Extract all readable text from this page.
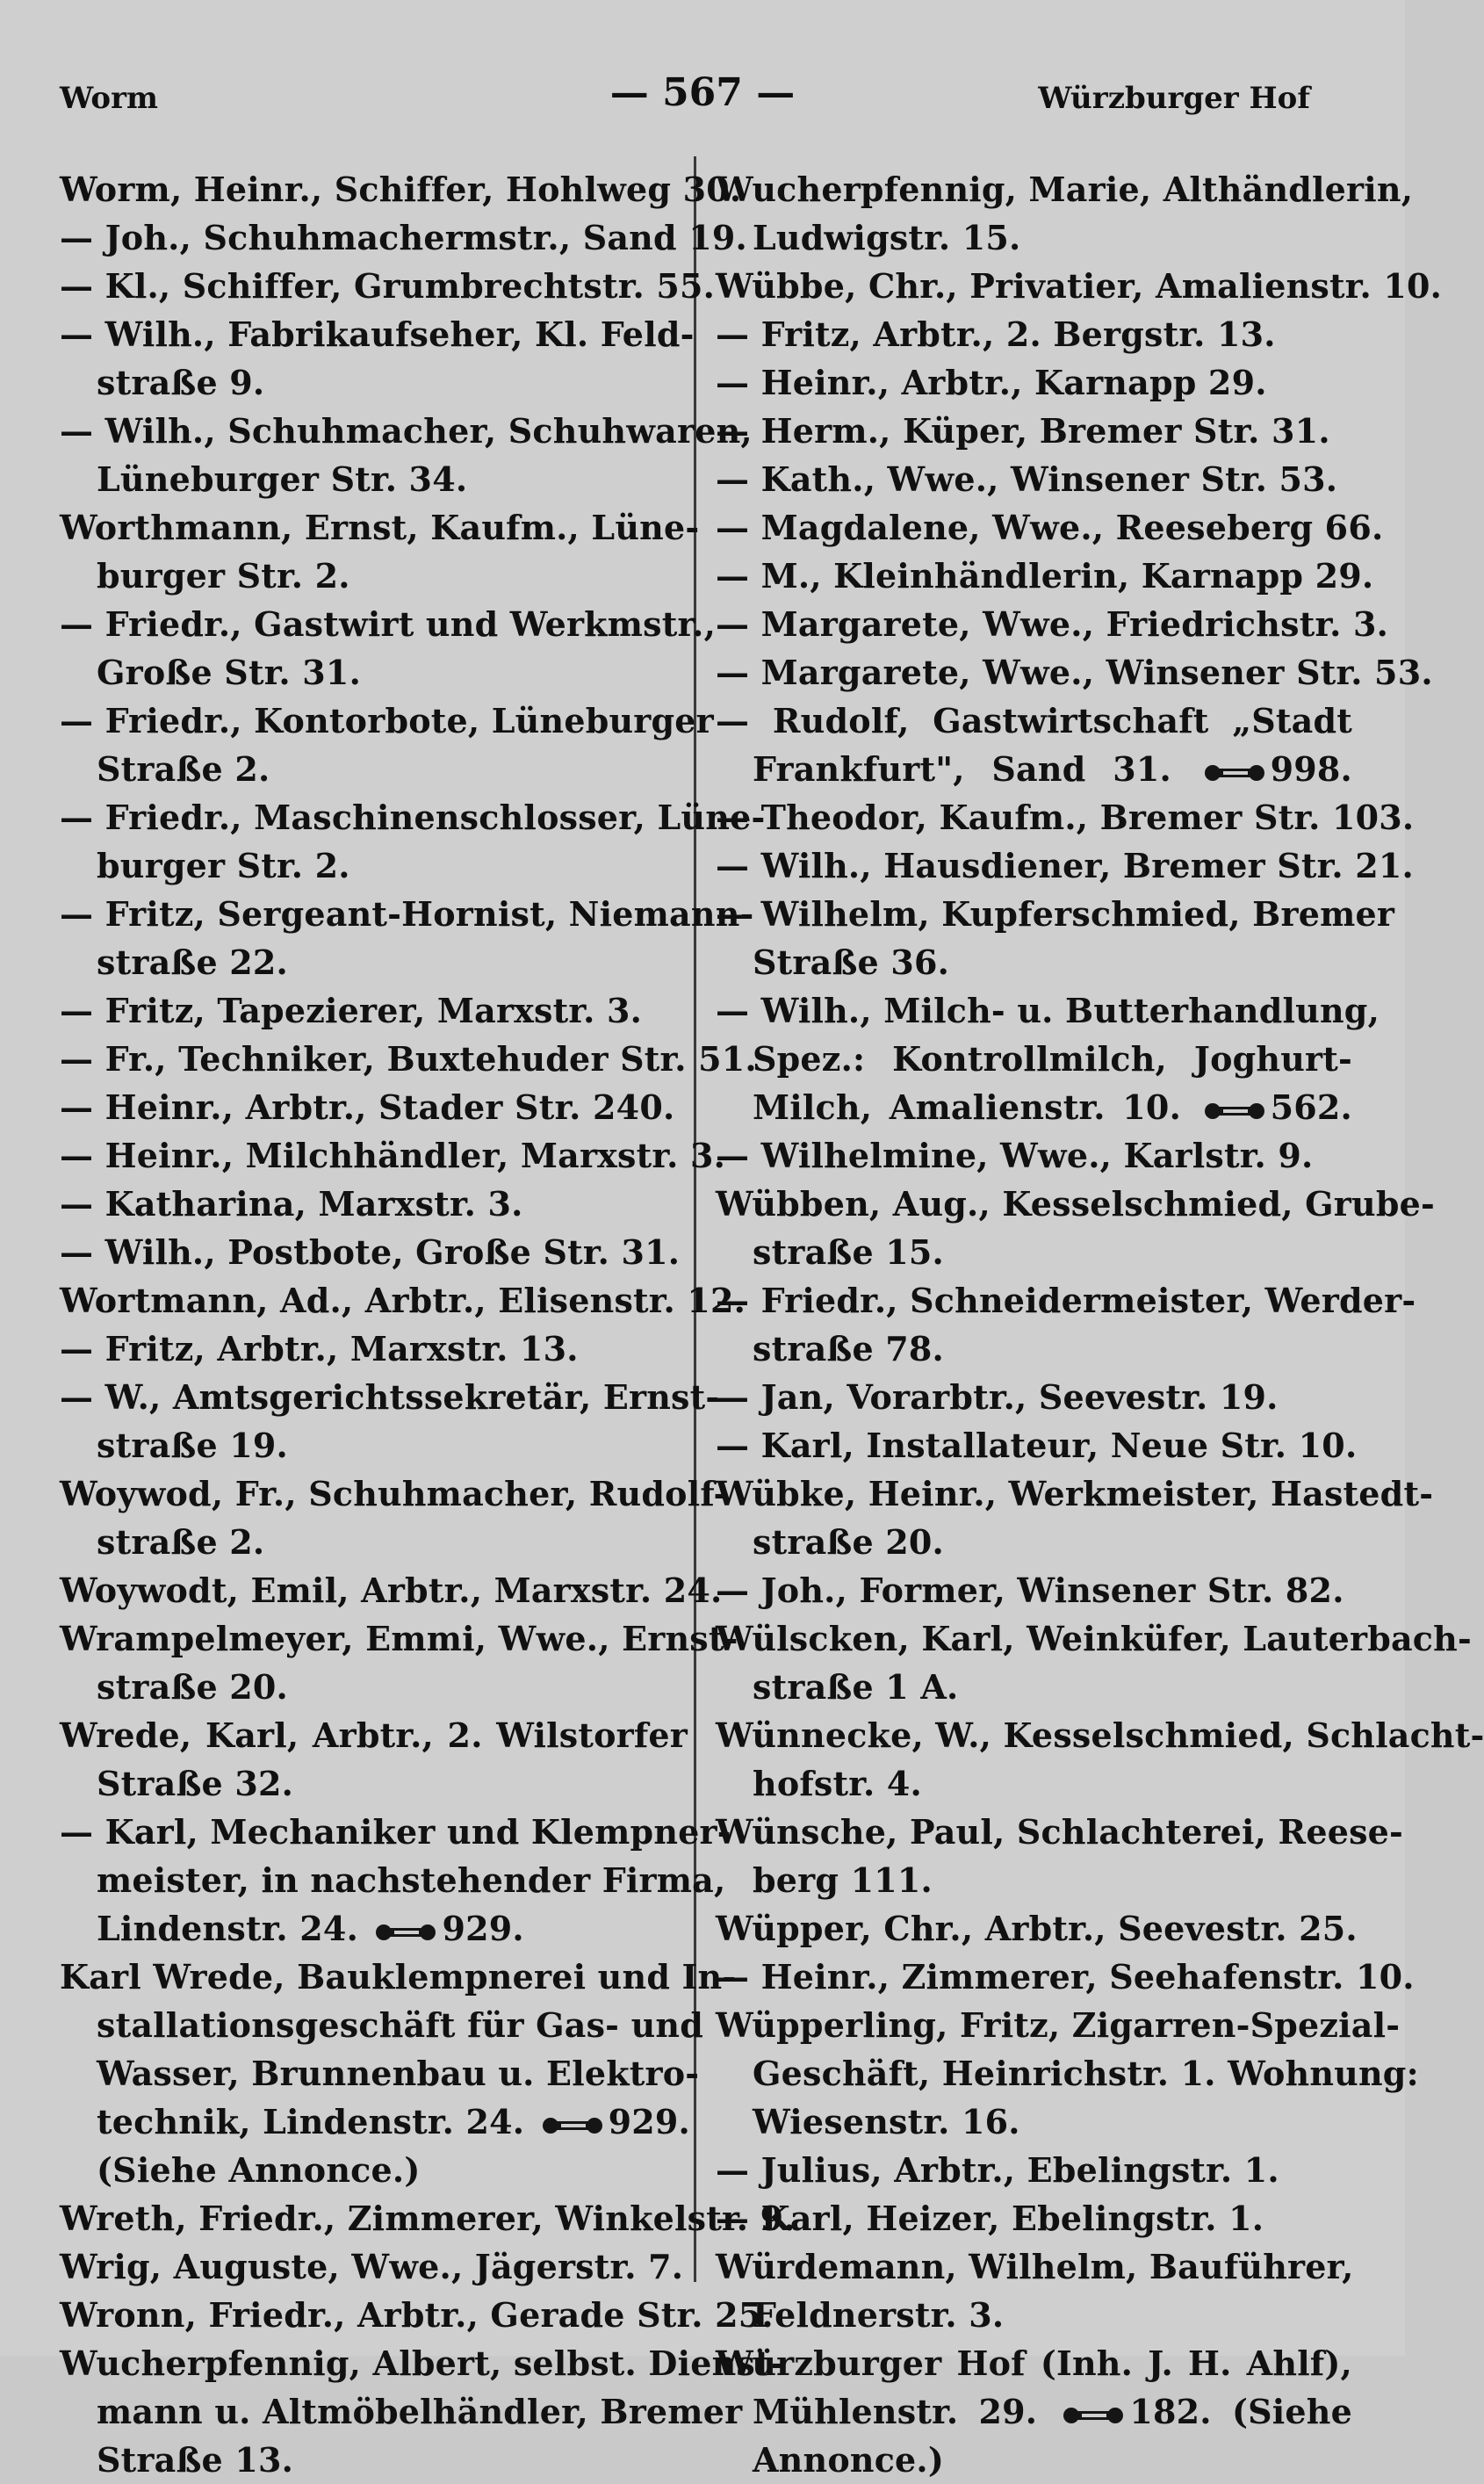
Worm	— 567 —	Würzburger Hof
Worm, Heinr., Schiffer, Hohlweg 30.
— Joh., Schuhmachermstr., Sand 19.
— Kl., Schiffer, Grumbrechtstr. 55.
— Wilh., Fabrikaufseher, Kl. Feld-
straße 9.
— Wilh., Schuhmacher, Schuhwaren,
Lüneburger Str. 34.
Worthmann, Ernst, Kaufm., Lüne-
burger Str. 2.
— Friedr., Gastwirt und Werkmstr.,
Große Str. 31.
— Friedr., Kontorbote, Lüneburger
Straße 2.
— Friedr., Maschinenschlosser, Lüne-
burger Str. 2.
— Fritz, Sergeant-Hornist, Niemann-
straße 22.
— Fritz, Tapezierer, Marxstr. 3.
— Fr., Techniker, Buxtehuder Str. 51.
— Heinr., Arbtr., Stader Str. 240.
— Heinr., Milchhändler, Marxstr. 3.
— Katharina, Marxstr. 3.
— Wilh., Postbote, Große Str. 31.
Wortmann, Ad., Arbtr., Elisenstr. 12.
— Fritz, Arbtr., Marxstr. 13.
— W., Amtsgerichtssekretär, Ernst-
straße 19.
Woywod, Fr., Schuhmacher, Rudolf-
straße 2.
Woywodt, Emil, Arbtr., Marxstr. 24.
Wrampelmeyer, Emmi, Wwe., Ernst-
straße 20.
Wrede, Karl, Arbtr., 2. Wilstorfer
Straße 32.
— Karl, Mechaniker und Klempner-
meister, in nachstehender Firma,
Lindenstr. 24.	929.
Karl Wrede, Bauklempnerei und In-
stallationsgeschäft für Gas- und
Wasser, Brunnenbau u. Elektro-
technik, Lindenstr. 24.	929.
(Siehe Annonce.)
Wreth, Friedr., Zimmerer, Winkelstr. 9.
Wrig, Auguste, Wwe., Jägerstr. 7.
Wronn, Friedr., Arbtr., Gerade Str. 25.
Wucherpfennig, Albert, selbst. Dienst-
mann u. Altmöbelhändler, Bremer
Straße 13.
Wucherpfennig, Marie, Althändlerin,
Ludwigstr. 15.
Wübbe, Chr., Privatier, Amalienstr. 10.
— Fritz, Arbtr., 2. Bergstr. 13.
— Heinr., Arbtr., Karnapp 29.
— Herm., Küper, Bremer Str. 31.
— Kath., Wwe., Winsener Str. 53.
— Magdalene, Wwe., Reeseberg 66.
— M., Kleinhändlerin, Karnapp 29.
— Margarete, Wwe., Friedrichstr. 3.
— Margarete, Wwe., Winsener Str. 53.
— Rudolf, Gastwirtschaft „Stadt
Frankfurt", Sand 31.	998.
— Theodor, Kaufm., Bremer Str. 103.
— Wilh., Hausdiener, Bremer Str. 21.
— Wilhelm, Kupferschmied, Bremer
Straße 36.
— Wilh., Milch- u. Butterhandlung,
Spez.: Kontrollmilch, Joghurt-
Milch, Amalienstr. 10.	562.
— Wilhelmine, Wwe., Karlstr. 9.
Wübben, Aug., Kesselschmied, Grube-
straße 15.
— Friedr., Schneidermeister, Werder-
straße 78.
— Jan, Vorarbtr., Seevestr. 19.
— Karl, Installateur, Neue Str. 10.
Wübke, Heinr., Werkmeister, Hastedt-
straße 20.
— Joh., Former, Winsener Str. 82.
Wülscken, Karl, Weinküfer, Lauterbach-
straße 1 A.
Wünnecke, W., Kesselschmied, Schlacht-
hofstr. 4.
Wünsche, Paul, Schlachterei, Reese-
berg 111.
Wüpper, Chr., Arbtr., Seevestr. 25.
— Heinr., Zimmerer, Seehafenstr. 10.
Wüpperling, Fritz, Zigarren-Spezial-
Geschäft, Heinrichstr. 1. Wohnung:
Wiesenstr. 16.
— Julius, Arbtr., Ebelingstr. 1.
— Karl, Heizer, Ebelingstr. 1.
Würdemann, Wilhelm, Bauführer,
Feldnerstr. 3.
Würzburger Hof (Inh. J. H. Ahlf),
Mühlenstr. 29.	182. (Siehe
Annonce.)
